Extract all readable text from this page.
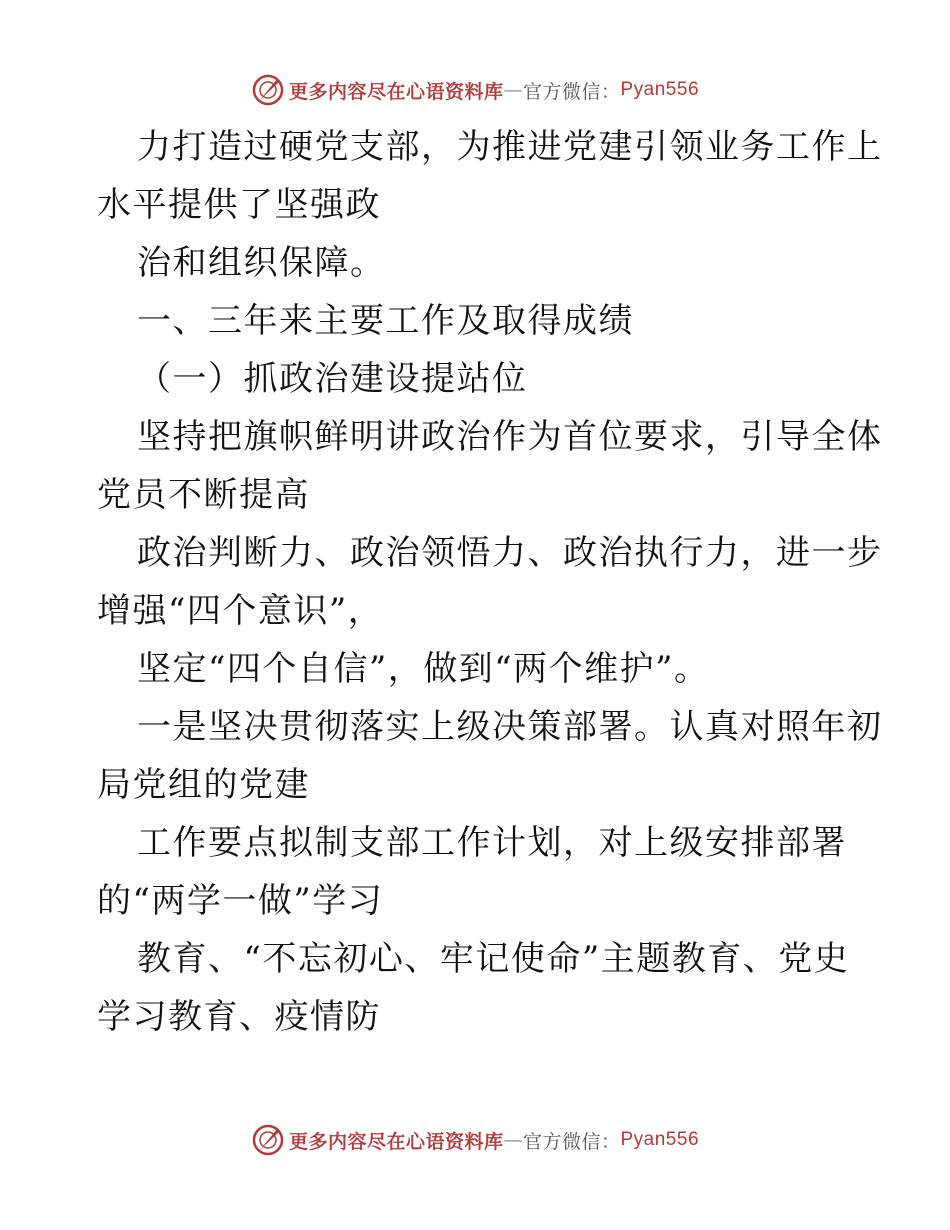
更多内容尽在心语资料库 — 官方微信： Pyan556
力打造过硬党支部，为推进党建引领业务工作上
水平提供了坚强政
治和组织保障。
一、三年来主要工作及取得成绩
（一）抓政治建设提站位
坚持把旗帜鲜明讲政治作为首位要求，引导全体
党员不断提高
政治判断力、政治领悟力、政治执行力，进一步
增强“四个意识”，
坚定“四个自信”，做到“两个维护”。
一是坚决贯彻落实上级决策部署。认真对照年初
局党组的党建
工作要点拟制支部工作计划，对上级安排部署
的“两学一做”学习
教育、“不忘初心、牢记使命”主题教育、党史
学习教育、疫情防
更多内容尽在心语资料库 — 官方微信： Pyan556
